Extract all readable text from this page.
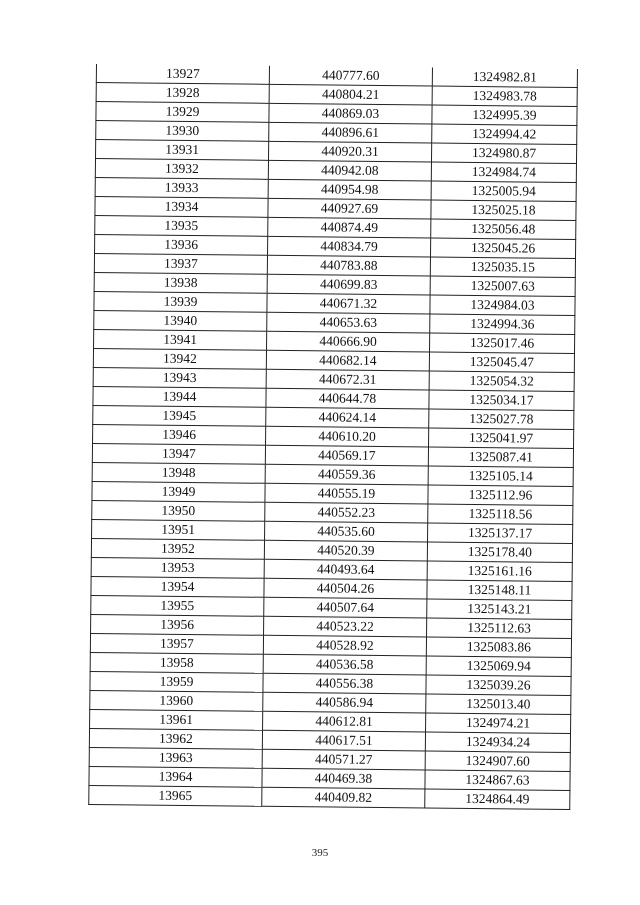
13927	440777.60	1324982.81
13928	440804.21	1324983.78
13929	440869.03	1324995.39
13930	440896.61	1324994.42
13931	440920.31	1324980.87
13932	440942.08	1324984.74
13933	440954.98	1325005.94
13934	440927.69	1325025.18
13935	440874.49	1325056.48
13936	440834.79	1325045.26
13937	440783.88	1325035.15
13938	440699.83	1325007.63
13939	440671.32	1324984.03
13940	440653.63	1324994.36
13941	440666.90	1325017.46
13942	440682.14	1325045.47
13943	440672.31	1325054.32
13944	440644.78	1325034.17
13945	440624.14	1325027.78
13946	440610.20	1325041.97
13947	440569.17	1325087.41
13948	440559.36	1325105.14
13949	440555.19	1325112.96
13950	440552.23	1325118.56
13951	440535.60	1325137.17
13952	440520.39	1325178.40
13953	440493.64	1325161.16
13954	440504.26	1325148.11
13955	440507.64	1325143.21
13956	440523.22	1325112.63
13957	440528.92	1325083.86
13958	440536.58	1325069.94
13959	440556.38	1325039.26
13960	440586.94	1325013.40
13961	440612.81	1324974.21
13962	440617.51	1324934.24
13963	440571.27	1324907.60
13964	440469.38	1324867.63
13965	440409.82	1324864.49
395
